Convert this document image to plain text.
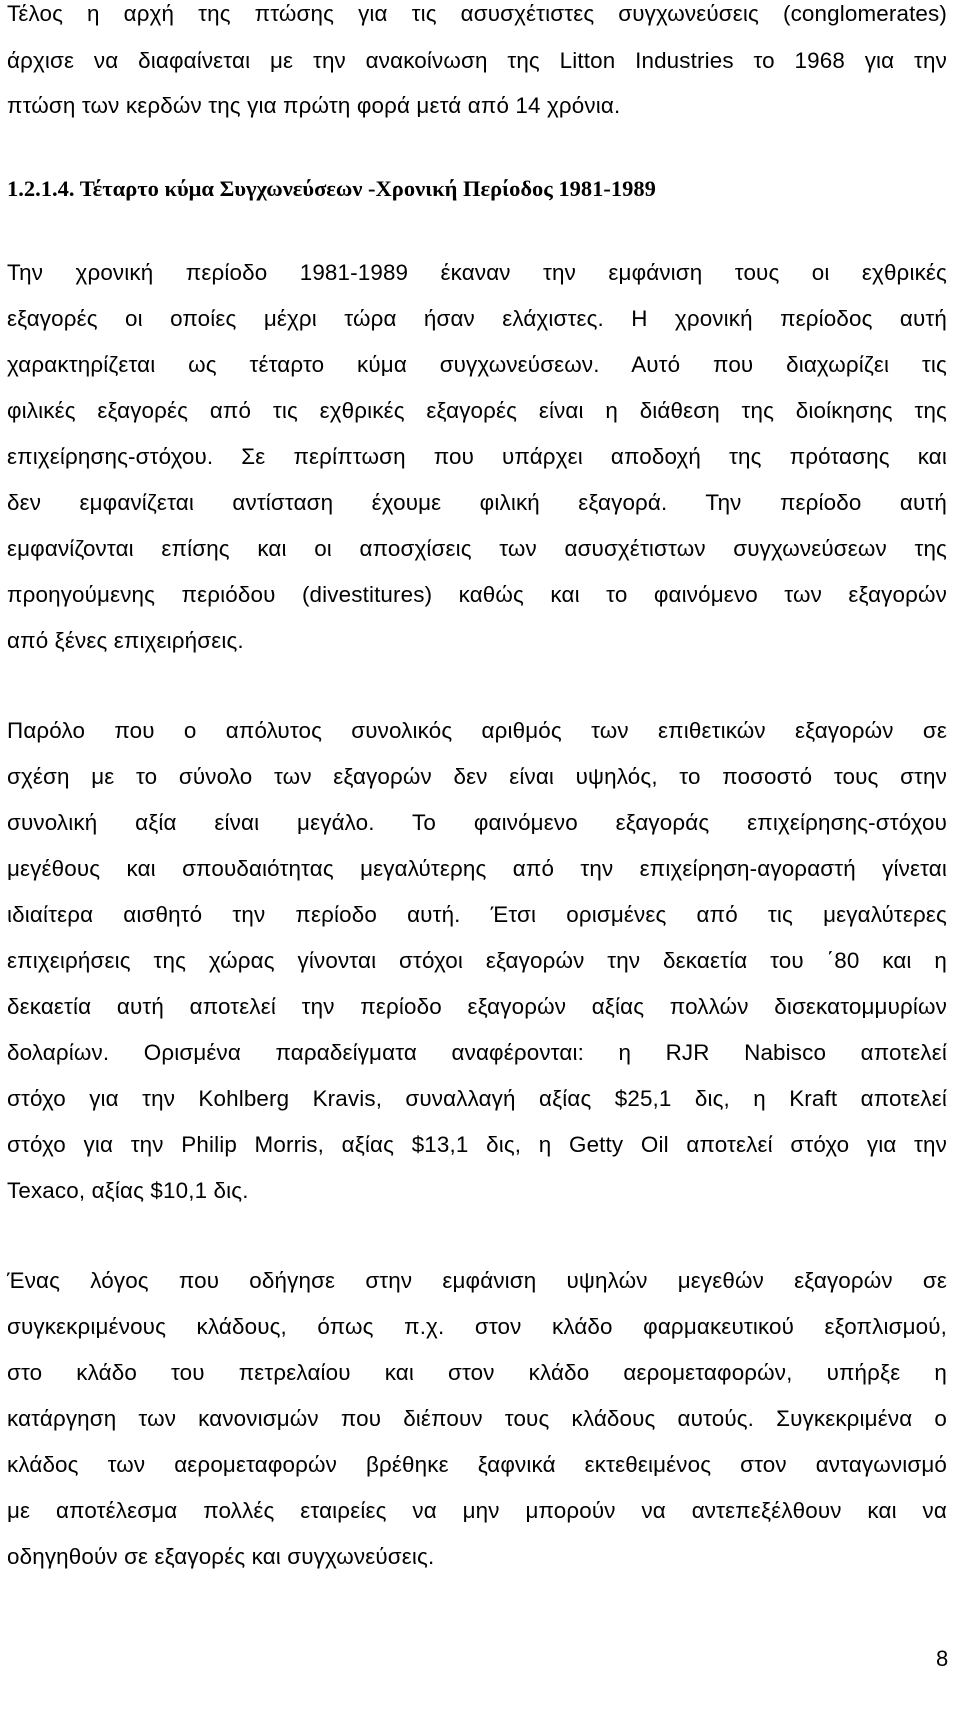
Τέλος η αρχή της πτώσης για τις ασυσχέτιστες συγχωνεύσεις (conglomerates)
άρχισε να διαφαίνεται με την ανακοίνωση της Litton Industries το 1968 για την
πτώση των κερδών της για πρώτη φορά μετά από 14 χρόνια.
1.2.1.4. Τέταρτο κύμα Συγχωνεύσεων -Χρονική Περίοδος 1981-1989
Την χρονική περίοδο 1981-1989 έκαναν την εμφάνιση τους οι εχθρικές
εξαγορές οι οποίες μέχρι τώρα ήσαν ελάχιστες. Η χρονική περίοδος αυτή
χαρακτηρίζεται ως τέταρτο κύμα συγχωνεύσεων. Αυτό που διαχωρίζει τις
φιλικές εξαγορές από τις εχθρικές εξαγορές είναι η διάθεση της διοίκησης της
επιχείρησης-στόχου. Σε περίπτωση που υπάρχει αποδοχή της πρότασης και
δεν εμφανίζεται αντίσταση έχουμε φιλική εξαγορά. Την περίοδο αυτή
εμφανίζονται επίσης και οι αποσχίσεις των ασυσχέτιστων συγχωνεύσεων της
προηγούμενης περιόδου (divestitures) καθώς και το φαινόμενο των εξαγορών
από ξένες επιχειρήσεις.
Παρόλο που ο απόλυτος συνολικός αριθμός των επιθετικών εξαγορών σε
σχέση με το σύνολο των εξαγορών δεν είναι υψηλός, το ποσοστό τους στην
συνολική αξία είναι μεγάλο. Το φαινόμενο εξαγοράς επιχείρησης-στόχου
μεγέθους και σπουδαιότητας μεγαλύτερης από την επιχείρηση-αγοραστή γίνεται
ιδιαίτερα αισθητό την περίοδο αυτή. Έτσι ορισμένες από τις μεγαλύτερες
επιχειρήσεις της χώρας γίνονται στόχοι εξαγορών την δεκαετία του ΄80 και η
δεκαετία αυτή αποτελεί την περίοδο εξαγορών αξίας πολλών δισεκατομμυρίων
δολαρίων. Ορισμένα παραδείγματα αναφέρονται: η RJR Nabisco αποτελεί
στόχο για την Kohlberg Kravis, συναλλαγή αξίας $25,1 δις, η Kraft αποτελεί
στόχο για την Philip Morris, αξίας $13,1 δις, η Getty Oil αποτελεί στόχο για την
Texaco, αξίας $10,1 δις.
Ένας λόγος που οδήγησε στην εμφάνιση υψηλών μεγεθών εξαγορών σε
συγκεκριμένους κλάδους, όπως π.χ. στον κλάδο φαρμακευτικού εξοπλισμού,
στο κλάδο του πετρελαίου και στον κλάδο αερομεταφορών, υπήρξε η
κατάργηση των κανονισμών που διέπουν τους κλάδους αυτούς. Συγκεκριμένα ο
κλάδος των αερομεταφορών βρέθηκε ξαφνικά εκτεθειμένος στον ανταγωνισμό
με αποτέλεσμα πολλές εταιρείες να μην μπορούν να αντεπεξέλθουν και να
οδηγηθούν σε εξαγορές και συγχωνεύσεις.
8
